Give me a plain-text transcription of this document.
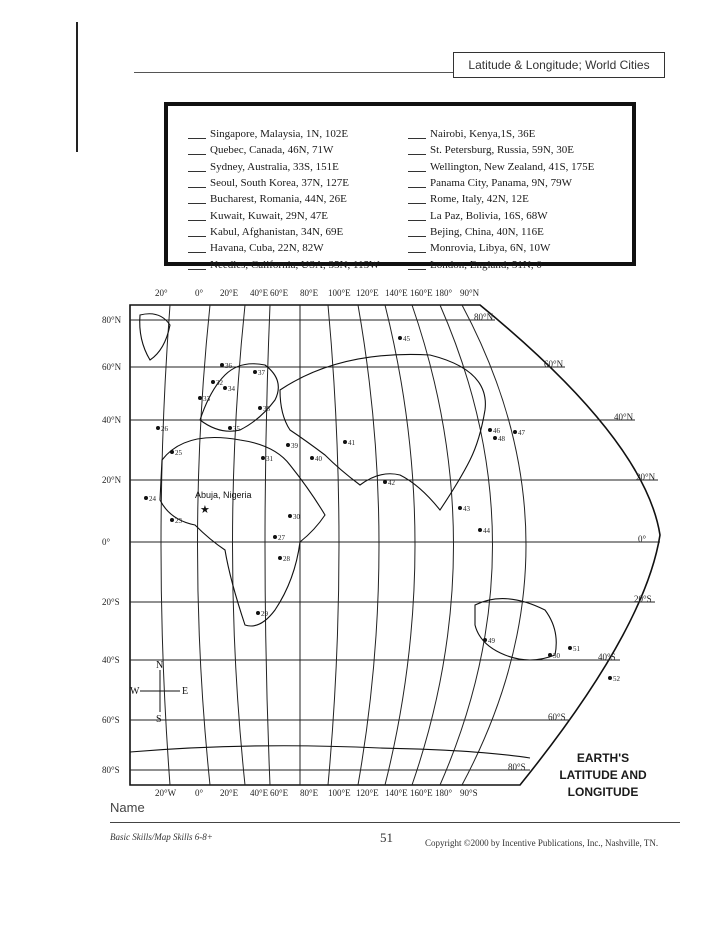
Latitude & Longitude; World Cities
Singapore, Malaysia, 1N, 102E
Quebec, Canada, 46N, 71W
Sydney, Australia, 33S, 151E
Seoul, South Korea, 37N, 127E
Bucharest, Romania, 44N, 26E
Kuwait, Kuwait, 29N, 47E
Kabul, Afghanistan, 34N, 69E
Havana, Cuba, 22N, 82W
Needles, California, USA, 35N, 115W
Nairobi, Kenya,1S, 36E
St. Petersburg, Russia, 59N, 30E
Wellington, New Zealand, 41S, 175E
Panama City, Panama, 9N, 79W
Rome, Italy, 42N, 12E
La Paz, Bolivia, 16S, 68W
Bejing, China, 40N, 116E
Monrovia, Libya, 6N, 10W
London, England, 51N, 0
80°N
60°N
40°N
20°N
0°
20°S
40°S
60°S
80°S
80°N
60°N
40°N
20°N
0°
20°S
40°S
60°S
80°S
20°	0° 20°E 40°E 60°E 80°E 100°E 120°E 140°E 160°E 180° 90°N
20°W 0° 20°E 40°E 60°E 80°E 100°E 120°E 140°E 160°E 180° 90°S
23
24
25
26
27
28
29
30
31
32
33
34
35
36
37
38
39
40
41
42
43
44
45
46	47
48
49
50
51
52
Abuja, Nigeria
★
N
E
S
W
EARTH'S
LATITUDE AND
LONGITUDE
Name
Basic Skills/Map Skills 6-8+	51	Copyright ©2000 by Incentive Publications, Inc., Nashville, TN.
